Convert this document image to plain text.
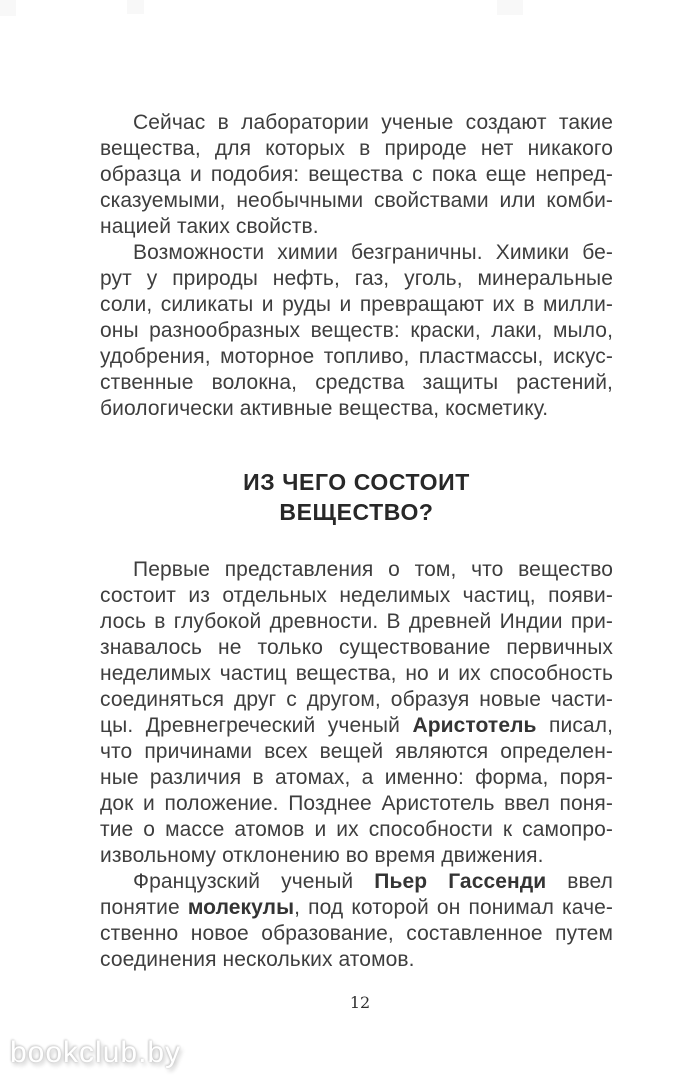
Сейчас в лаборатории ученые создают такие
вещества, для которых в природе нет никакого
образца и подобия: вещества с пока еще непред-
сказуемыми, необычными свойствами или комби-
нацией таких свойств.
Возможности химии безграничны. Химики бе-
рут у природы нефть, газ, уголь, минеральные
соли, силикаты и руды и превращают их в милли-
оны разнообразных веществ: краски, лаки, мыло,
удобрения, моторное топливо, пластмассы, искус-
ственные волокна, средства защиты растений,
биологически активные вещества, косметику.
ИЗ ЧЕГО СОСТОИТ
ВЕЩЕСТВО?
Первые представления о том, что вещество
состоит из отдельных неделимых частиц, появи-
лось в глубокой древности. В древней Индии при-
знавалось не только существование первичных
неделимых частиц вещества, но и их способность
соединяться друг с другом, образуя новые части-
цы. Древнегреческий ученый Аристотель писал,
что причинами всех вещей являются определен-
ные различия в атомах, а именно: форма, поря-
док и положение. Позднее Аристотель ввел поня-
тие о массе атомов и их способности к самопро-
извольному отклонению во время движения.
Французский ученый Пьер Гассенди ввел
понятие молекулы, под которой он понимал каче-
ственно новое образование, составленное путем
соединения нескольких атомов.
12
bookclub.by
